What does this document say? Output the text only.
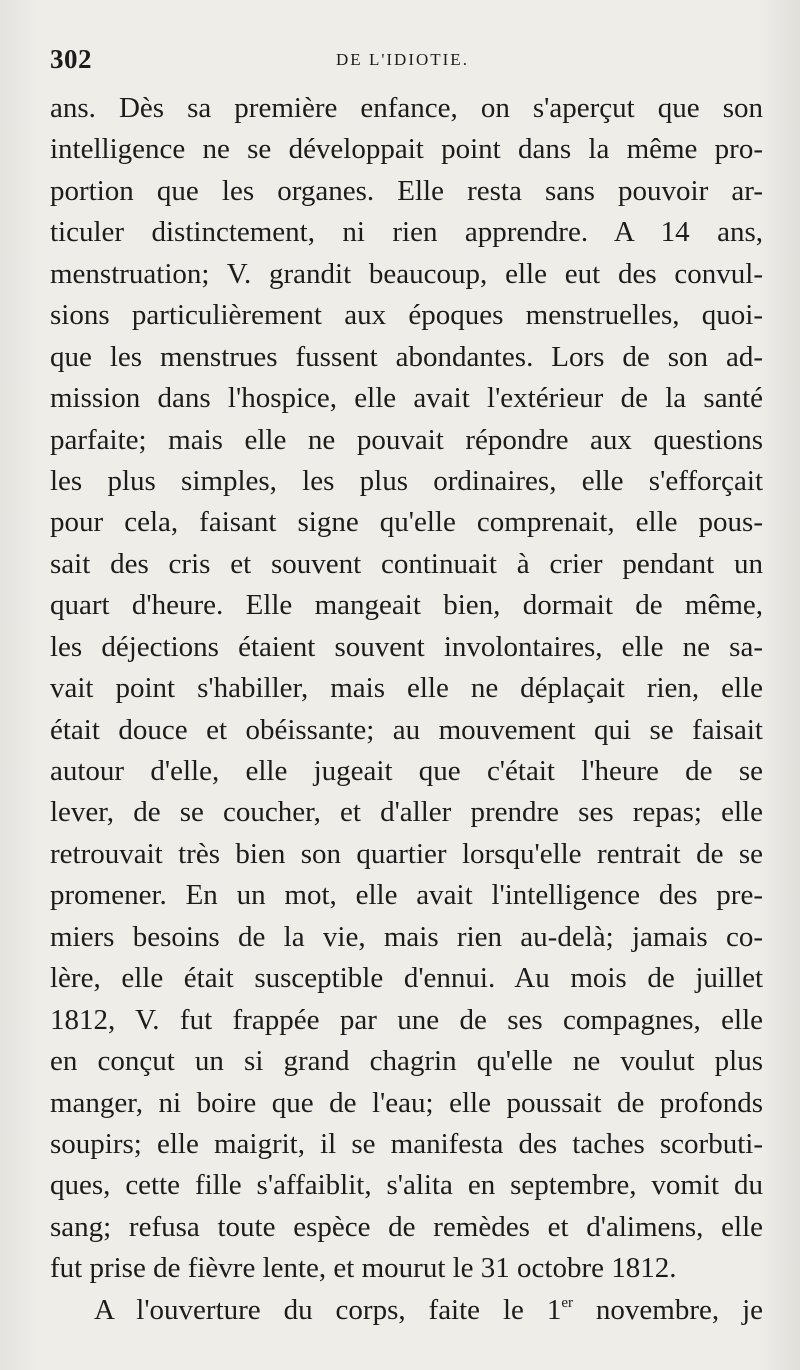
302	DE L'IDIOTIE.
ans. Dès sa première enfance, on s'aperçut que son
intelligence ne se développait point dans la même pro-
portion que les organes. Elle resta sans pouvoir ar-
ticuler distinctement, ni rien apprendre. A 14 ans,
menstruation; V. grandit beaucoup, elle eut des convul-
sions particulièrement aux époques menstruelles, quoi-
que les menstrues fussent abondantes. Lors de son ad-
mission dans l'hospice, elle avait l'extérieur de la santé
parfaite; mais elle ne pouvait répondre aux questions
les plus simples, les plus ordinaires, elle s'efforçait
pour cela, faisant signe qu'elle comprenait, elle pous-
sait des cris et souvent continuait à crier pendant un
quart d'heure. Elle mangeait bien, dormait de même,
les déjections étaient souvent involontaires, elle ne sa-
vait point s'habiller, mais elle ne déplaçait rien, elle
était douce et obéissante; au mouvement qui se faisait
autour d'elle, elle jugeait que c'était l'heure de se
lever, de se coucher, et d'aller prendre ses repas; elle
retrouvait très bien son quartier lorsqu'elle rentrait de se
promener. En un mot, elle avait l'intelligence des pre-
miers besoins de la vie, mais rien au-delà; jamais co-
lère, elle était susceptible d'ennui. Au mois de juillet
1812, V. fut frappée par une de ses compagnes, elle
en conçut un si grand chagrin qu'elle ne voulut plus
manger, ni boire que de l'eau; elle poussait de profonds
soupirs; elle maigrit, il se manifesta des taches scorbuti-
ques, cette fille s'affaiblit, s'alita en septembre, vomit du
sang; refusa toute espèce de remèdes et d'alimens, elle
fut prise de fièvre lente, et mourut le 31 octobre 1812.
A l'ouverture du corps, faite le 1er novembre, je
